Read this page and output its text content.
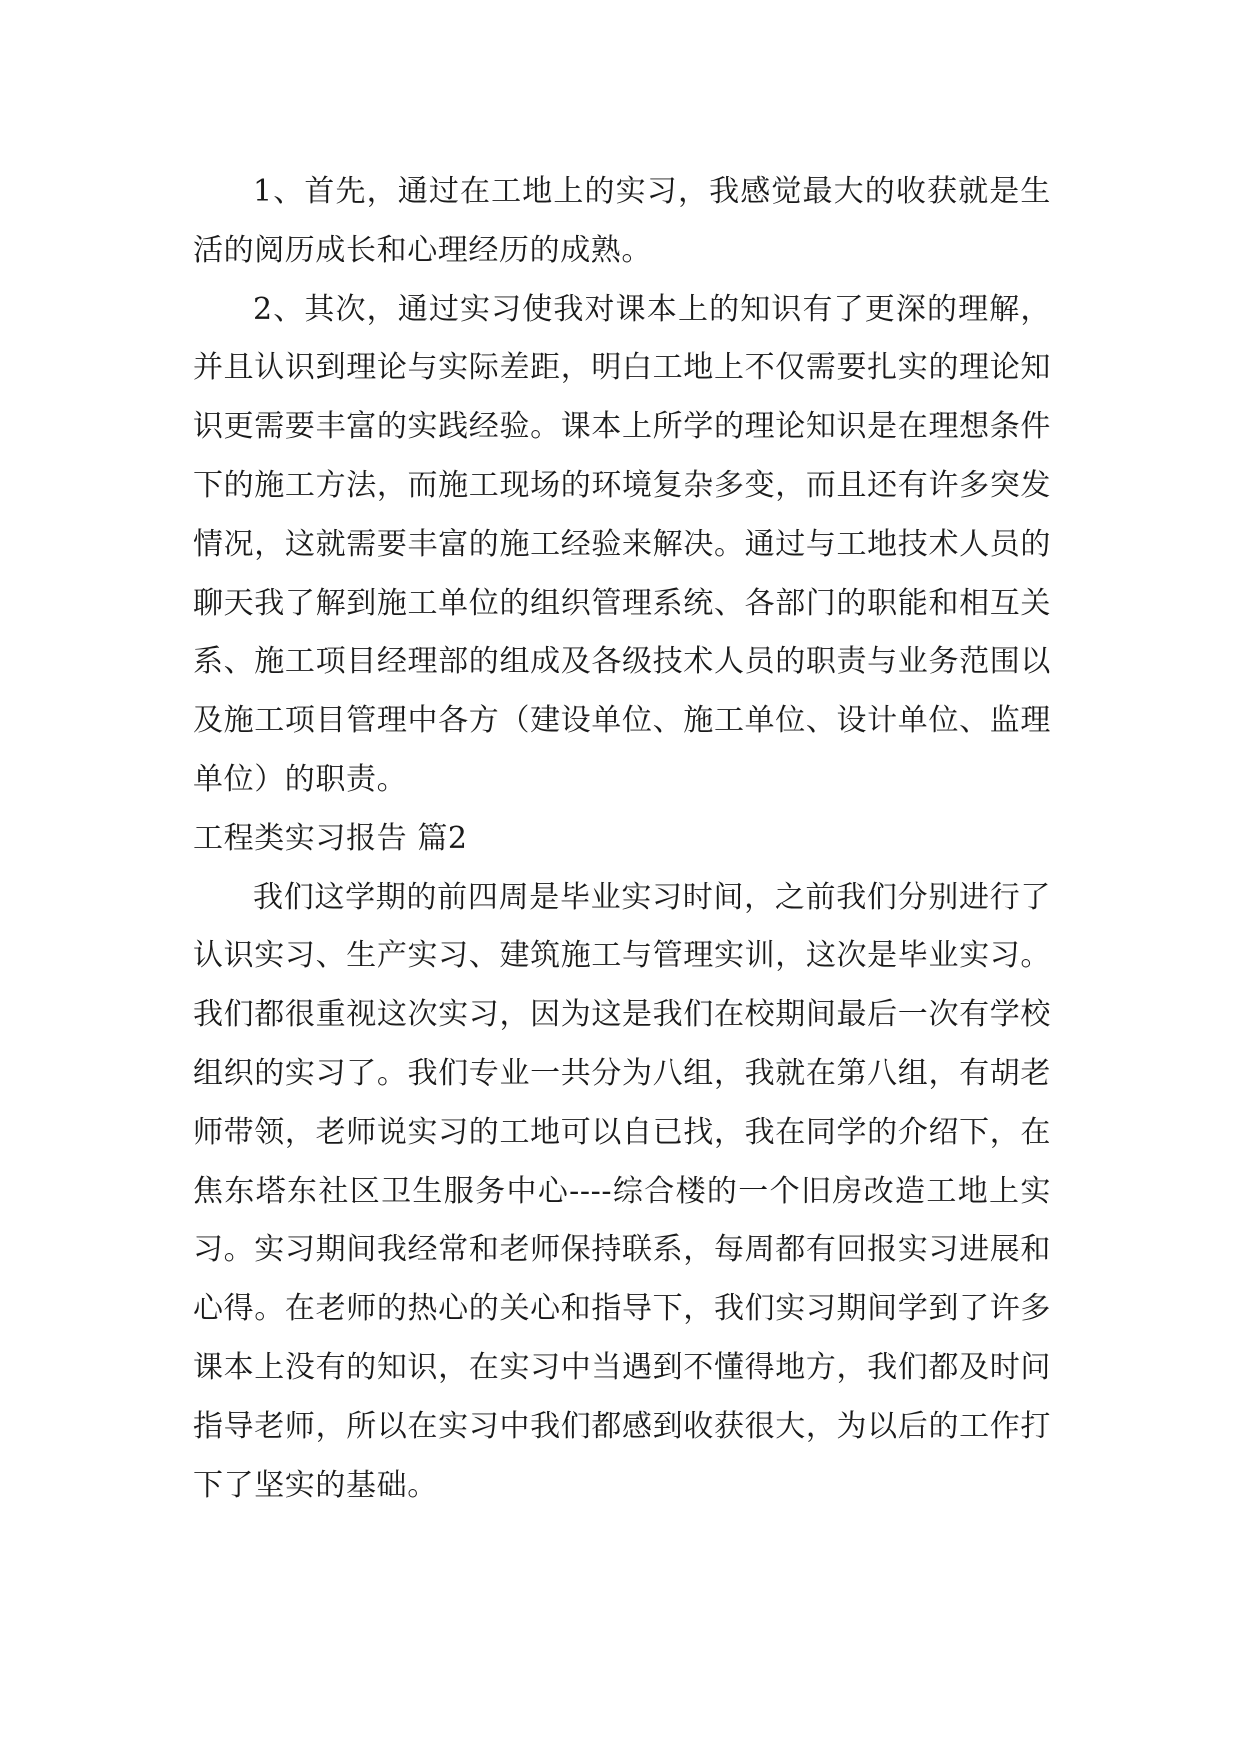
1、首先，通过在工地上的实习，我感觉最大的收获就是生活的阅历成长和心理经历的成熟。

2、其次，通过实习使我对课本上的知识有了更深的理解，并且认识到理论与实际差距，明白工地上不仅需要扎实的理论知识更需要丰富的实践经验。课本上所学的理论知识是在理想条件下的施工方法，而施工现场的环境复杂多变，而且还有许多突发情况，这就需要丰富的施工经验来解决。通过与工地技术人员的聊天我了解到施工单位的组织管理系统、各部门的职能和相互关系、施工项目经理部的组成及各级技术人员的职责与业务范围以及施工项目管理中各方（建设单位、施工单位、设计单位、监理单位）的职责。

工程类实习报告 篇2

我们这学期的前四周是毕业实习时间，之前我们分别进行了认识实习、生产实习、建筑施工与管理实训，这次是毕业实习。我们都很重视这次实习，因为这是我们在校期间最后一次有学校组织的实习了。我们专业一共分为八组，我就在第八组，有胡老师带领，老师说实习的工地可以自已找，我在同学的介绍下，在焦东塔东社区卫生服务中心----综合楼的一个旧房改造工地上实习。实习期间我经常和老师保持联系，每周都有回报实习进展和心得。在老师的热心的关心和指导下，我们实习期间学到了许多课本上没有的知识，在实习中当遇到不懂得地方，我们都及时问指导老师，所以在实习中我们都感到收获很大，为以后的工作打下了坚实的基础。
